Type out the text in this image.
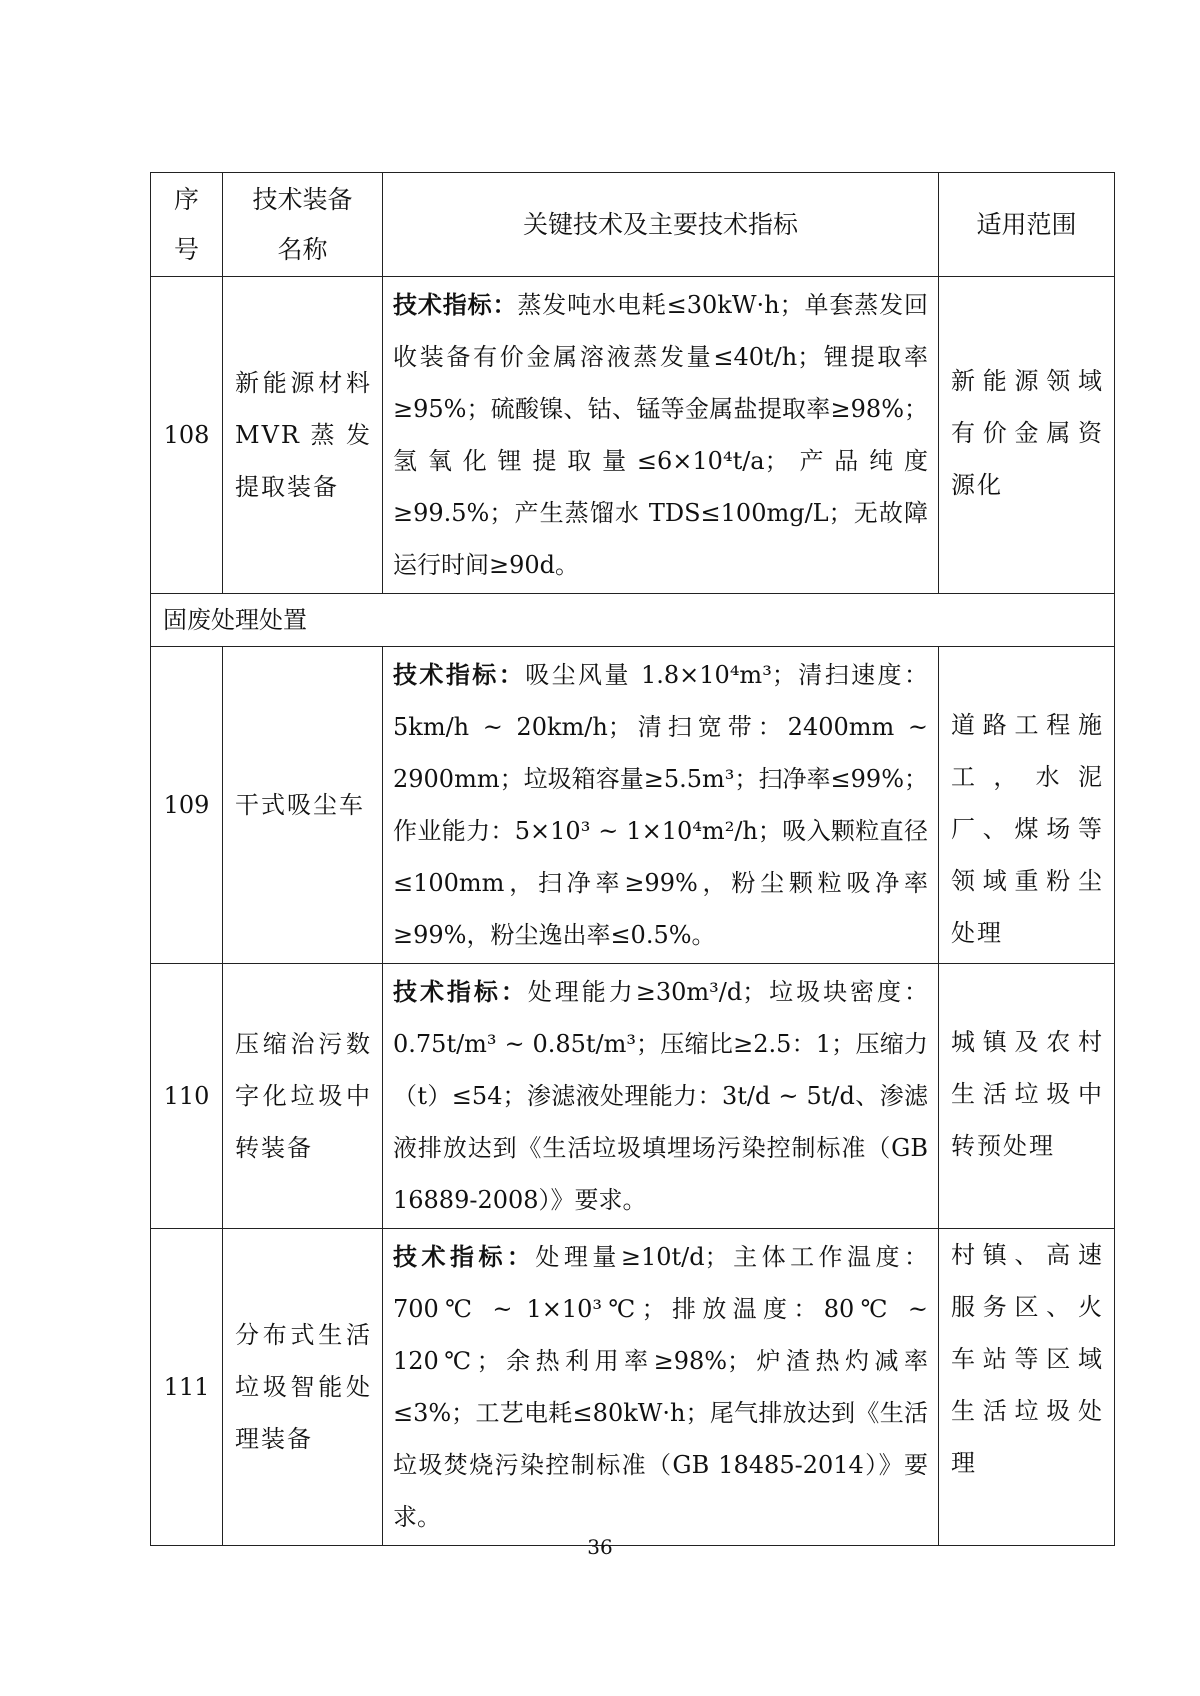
序号	技术装备名称	关键技术及主要技术指标	适用范围
108	新能源材料MVR蒸发提取装备	技术指标：蒸发吨水电耗≤30kW·h；单套蒸发回收装备有价金属溶液蒸发量≤40t/h；锂提取率≥95%；硫酸镍、钴、锰等金属盐提取率≥98%；氢氧化锂提取量≤6×10⁴t/a；产品纯度≥99.5%；产生蒸馏水 TDS≤100mg/L；无故障运行时间≥90d。	新能源领域有价金属资源化
固废处理处置			
109	干式吸尘车	技术指标：吸尘风量 1.8×10⁴m³；清扫速度：5km/h ~ 20km/h；清扫宽带：2400mm ~ 2900mm；垃圾箱容量≥5.5m³；扫净率≤99%；作业能力：5×10³ ~ 1×10⁴m²/h；吸入颗粒直径≤100mm，扫净率≥99%，粉尘颗粒吸净率≥99%，粉尘逸出率≤0.5%。	道路工程施工，水泥厂、煤场等领域重粉尘处理
110	压缩治污数字化垃圾中转装备	技术指标：处理能力≥30m³/d；垃圾块密度：0.75t/m³ ~ 0.85t/m³；压缩比≥2.5：1；压缩力（t）≤54；渗滤液处理能力：3t/d ~ 5t/d、渗滤液排放达到《生活垃圾填埋场污染控制标准（GB 16889-2008）》要求。	城镇及农村生活垃圾中转预处理
111	分布式生活垃圾智能处理装备	技术指标：处理量≥10t/d；主体工作温度：700℃ ~ 1×10³℃；排放温度：80℃ ~ 120℃；余热利用率≥98%；炉渣热灼减率≤3%；工艺电耗≤80kW·h；尾气排放达到《生活垃圾焚烧污染控制标准（GB 18485-2014）》要求。	村镇、高速服务区、火车站等区域生活垃圾处理
36
